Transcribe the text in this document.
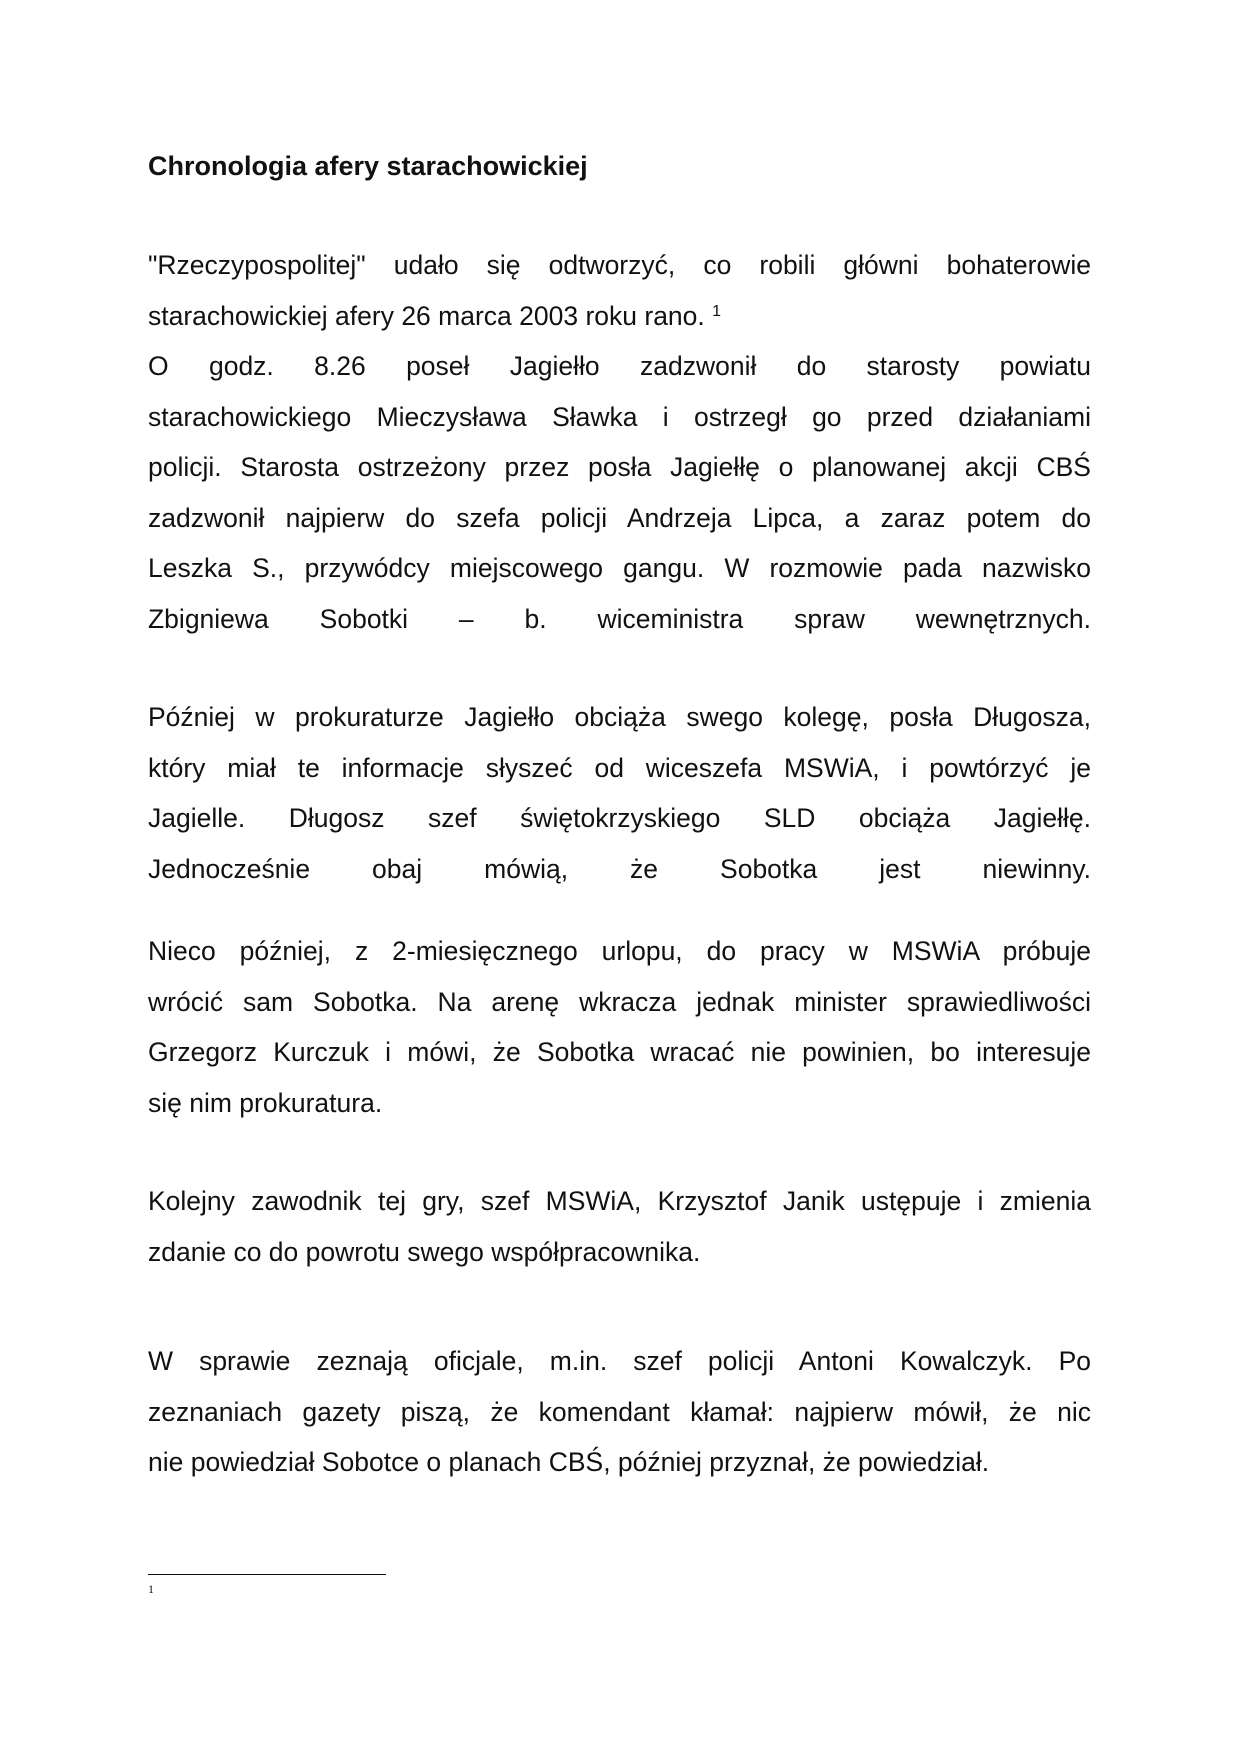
Chronologia afery starachowickiej
"Rzeczypospolitej" udało się odtworzyć, co robili główni bohaterowie
starachowickiej afery 26 marca 2003 roku rano. $^1$
O godz. 8.26 poseł Jagiełło zadzwonił do starosty powiatu
starachowickiego Mieczysława Sławka i ostrzegł go przed działaniami
policji. Starosta ostrzeżony przez posła Jagiełłę o planowanej akcji CBŚ
zadzwonił najpierw do szefa policji Andrzeja Lipca, a zaraz potem do
Leszka S., przywódcy miejscowego gangu. W rozmowie pada nazwisko
Zbigniewa Sobotki – b. wiceministra spraw wewnętrznych.
Później w prokuraturze Jagiełło obciąża swego kolegę, posła Długosza,
który miał te informacje słyszeć od wiceszefa MSWiA, i powtórzyć je
Jagielle. Długosz szef świętokrzyskiego SLD obciąża Jagiełłę.
Jednocześnie obaj mówią, że Sobotka jest niewinny.
Nieco później, z 2-miesięcznego urlopu, do pracy w MSWiA próbuje
wrócić sam Sobotka. Na arenę wkracza jednak minister sprawiedliwości
Grzegorz Kurczuk i mówi, że Sobotka wracać nie powinien, bo interesuje
się nim prokuratura.
Kolejny zawodnik tej gry, szef MSWiA, Krzysztof Janik ustępuje i zmienia
zdanie co do powrotu swego współpracownika.
W sprawie zeznają oficjale, m.in. szef policji Antoni Kowalczyk. Po
zeznaniach gazety piszą, że komendant kłamał: najpierw mówił, że nic
nie powiedział Sobotce o planach CBŚ, później przyznał, że powiedział.
1
